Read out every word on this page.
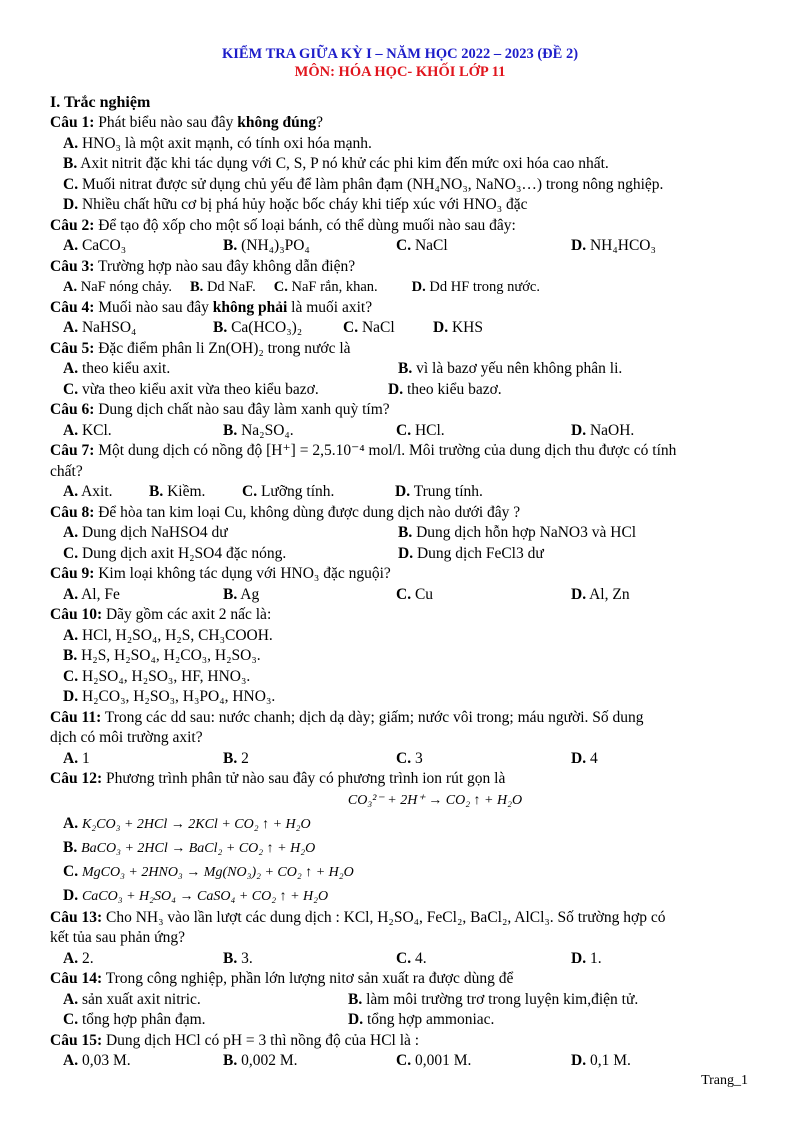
KIỂM TRA GIỮA KỲ I – NĂM HỌC 2022 – 2023 (ĐỀ 2)
MÔN: HÓA HỌC- KHỐI LỚP 11
I. Trắc nghiệm
Câu 1: Phát biểu nào sau đây không đúng?
A. HNO₃ là một axit mạnh, có tính oxi hóa mạnh.
B. Axit nitrit đặc khi tác dụng với C, S, P nó khử các phi kim đến mức oxi hóa cao nhất.
C. Muối nitrat được sử dụng chủ yếu để làm phân đạm (NH₄NO₃, NaNO₃…) trong nông nghiệp.
D. Nhiều chất hữu cơ bị phá hủy hoặc bốc cháy khi tiếp xúc với HNO₃ đặc
Câu 2: Để tạo độ xốp cho một số loại bánh, có thể dùng muối nào sau đây:
A. CaCO₃	B. (NH₄)₃PO₄	C. NaCl	D. NH₄HCO₃
Câu 3: Trường hợp nào sau đây không dẫn điện?
A. NaF nóng chảy. B. Dd NaF. C. NaF rắn, khan. D. Dd HF trong nước.
Câu 4: Muối nào sau đây không phải là muối axit?
A. NaHSO₄	B. Ca(HCO₃)₂	C. NaCl	D. KHS
Câu 5: Đặc điểm phân li Zn(OH)₂ trong nước là
A. theo kiểu axit.	B. vì là bazơ yếu nên không phân li.
C. vừa theo kiểu axit vừa theo kiểu bazơ.	D. theo kiểu bazơ.
Câu 6: Dung dịch chất nào sau đây làm xanh quỳ tím?
A. KCl.	B. Na₂SO₄.	C. HCl.	D. NaOH.
Câu 7: Một dung dịch có nồng độ [H⁺] = 2,5.10⁻⁴ mol/l. Môi trường của dung dịch thu được có tính
chất?
A. Axit.	B. Kiềm.	C. Lưỡng tính.	D. Trung tính.
Câu 8: Để hòa tan kim loại Cu, không dùng được dung dịch nào dưới đây ?
A. Dung dịch NaHSO4 dư	B. Dung dịch hỗn hợp NaNO3 và HCl
C. Dung dịch axit H₂SO4 đặc nóng.	D. Dung dịch FeCl3 dư
Câu 9: Kim loại không tác dụng với HNO₃ đặc nguội?
A. Al, Fe	B. Ag	C. Cu	D. Al, Zn
Câu 10: Dãy gồm các axit 2 nấc là:
A. HCl, H₂SO₄, H₂S, CH₃COOH.
B. H₂S, H₂SO₄, H₂CO₃, H₂SO₃.
C. H₂SO₄, H₂SO₃, HF, HNO₃.
D. H₂CO₃, H₂SO₃, H₃PO₄, HNO₃.
Câu 11: Trong các dd sau: nước chanh; dịch dạ dày; giấm; nước vôi trong; máu người. Số dung
dịch có môi trường axit?
A. 1	B. 2	C. 3	D. 4
Câu 12: Phương trình phân tử nào sau đây có phương trình ion rút gọn là
CO₃²⁻ + 2H⁺ → CO₂ ↑ + H₂O
A. K₂CO₃ + 2HCl → 2KCl + CO₂ ↑ + H₂O
B. BaCO₃ + 2HCl → BaCl₂ + CO₂ ↑ + H₂O
C. MgCO₃ + 2HNO₃ → Mg(NO₃)₂ + CO₂ ↑ + H₂O
D. CaCO₃ + H₂SO₄ → CaSO₄ + CO₂ ↑ + H₂O
Câu 13: Cho NH₃ vào lần lượt các dung dịch : KCl, H₂SO₄, FeCl₂, BaCl₂, AlCl₃. Số trường hợp có
kết tủa sau phản ứng?
A. 2.	B. 3.	C. 4.	D. 1.
Câu 14: Trong công nghiệp, phần lớn lượng nitơ sản xuất ra được dùng để
A. sản xuất axit nitric.	B. làm môi trường trơ trong luyện kim,điện tử.
C. tổng hợp phân đạm.	D. tổng hợp ammoniac.
Câu 15: Dung dịch HCl có pH = 3 thì nồng độ của HCl là :
A. 0,03 M.	B. 0,002 M.	C. 0,001 M.	D. 0,1 M.
Trang_1
